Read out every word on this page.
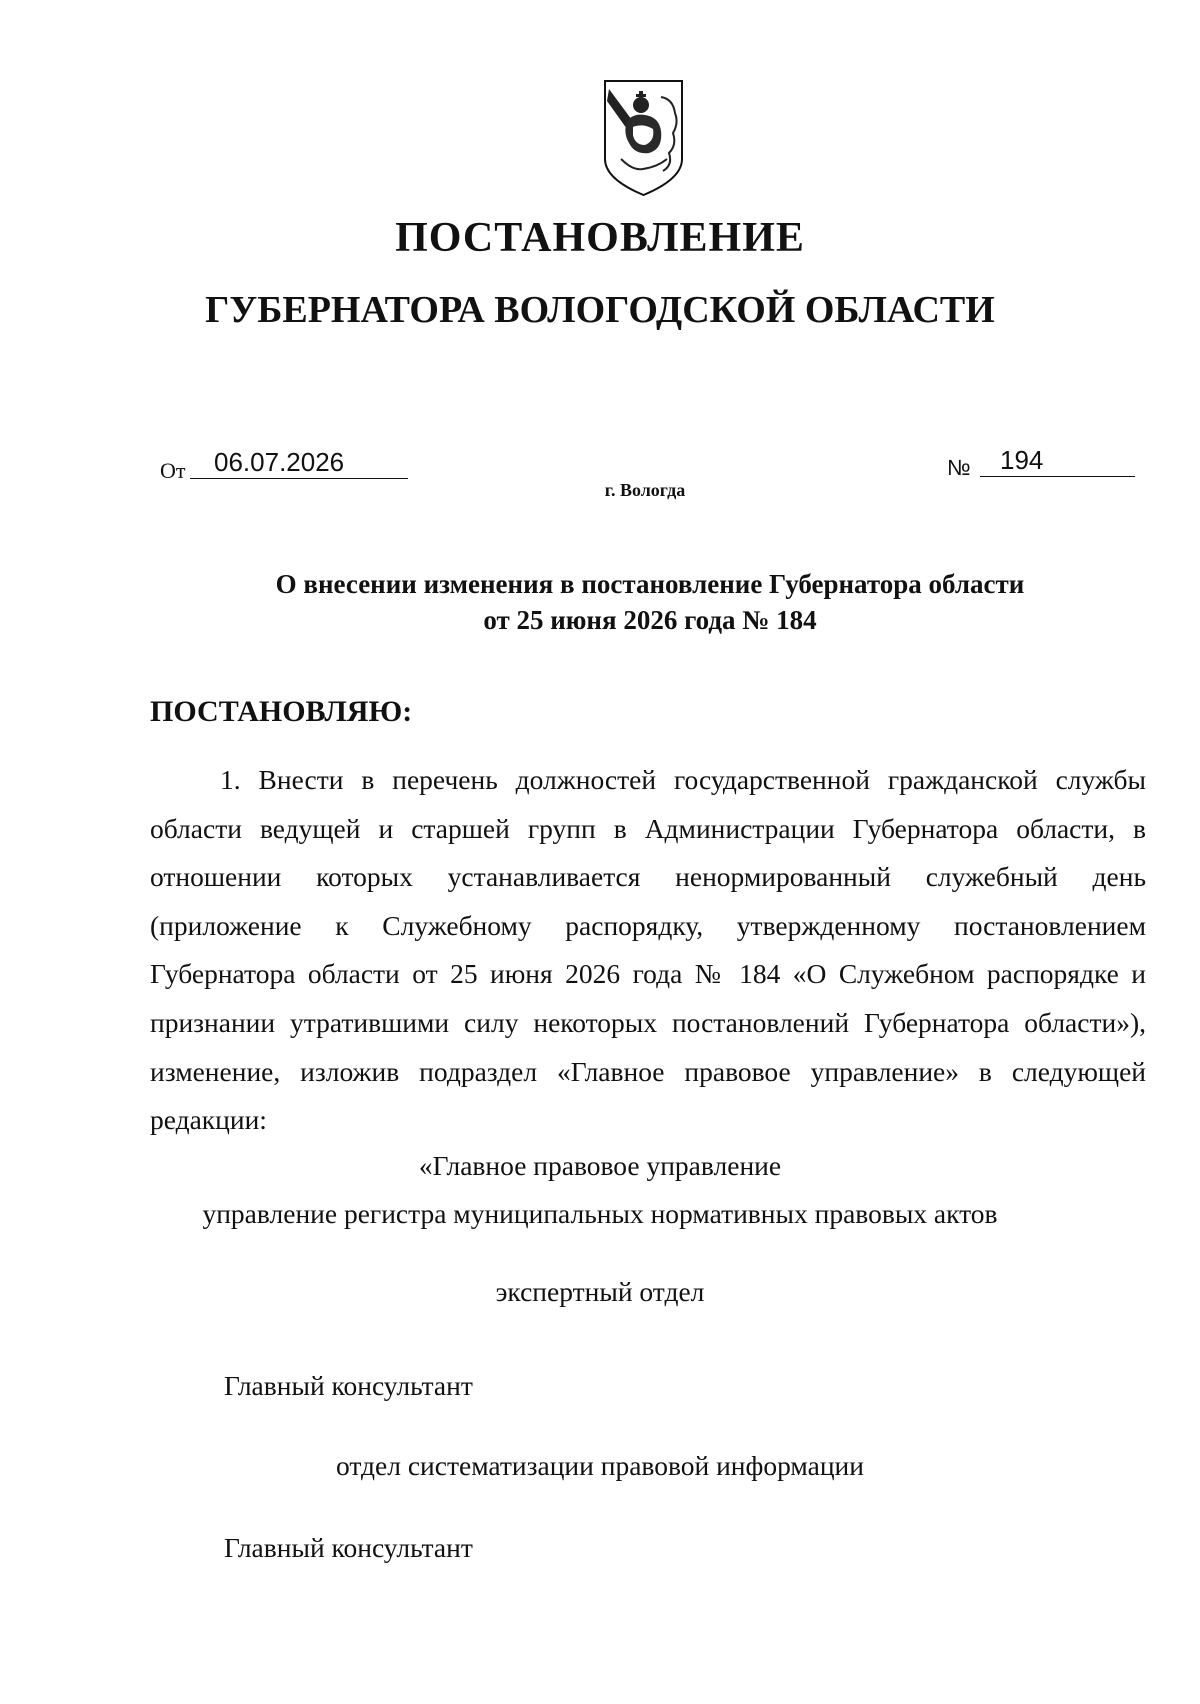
ПОСТАНОВЛЕНИЕ
ГУБЕРНАТОРА ВОЛОГОДСКОЙ ОБЛАСТИ
От 06.07.2026	№ 194
г. Вологда
О внесении изменения в постановление Губернатора области
от 25 июня 2026 года № 184
ПОСТАНОВЛЯЮ:
1. Внести в перечень должностей государственной гражданской службы
области ведущей и старшей групп в Администрации Губернатора области, в
отношении которых устанавливается ненормированный служебный день
(приложение к Служебному распорядку, утвержденному постановлением
Губернатора области от 25 июня 2026 года № 184 «О Служебном распорядке и
признании утратившими силу некоторых постановлений Губернатора области»),
изменение, изложив подраздел «Главное правовое управление» в следующей
редакции:
«Главное правовое управление
управление регистра муниципальных нормативных правовых актов
экспертный отдел
Главный консультант
отдел систематизации правовой информации
Главный консультант
